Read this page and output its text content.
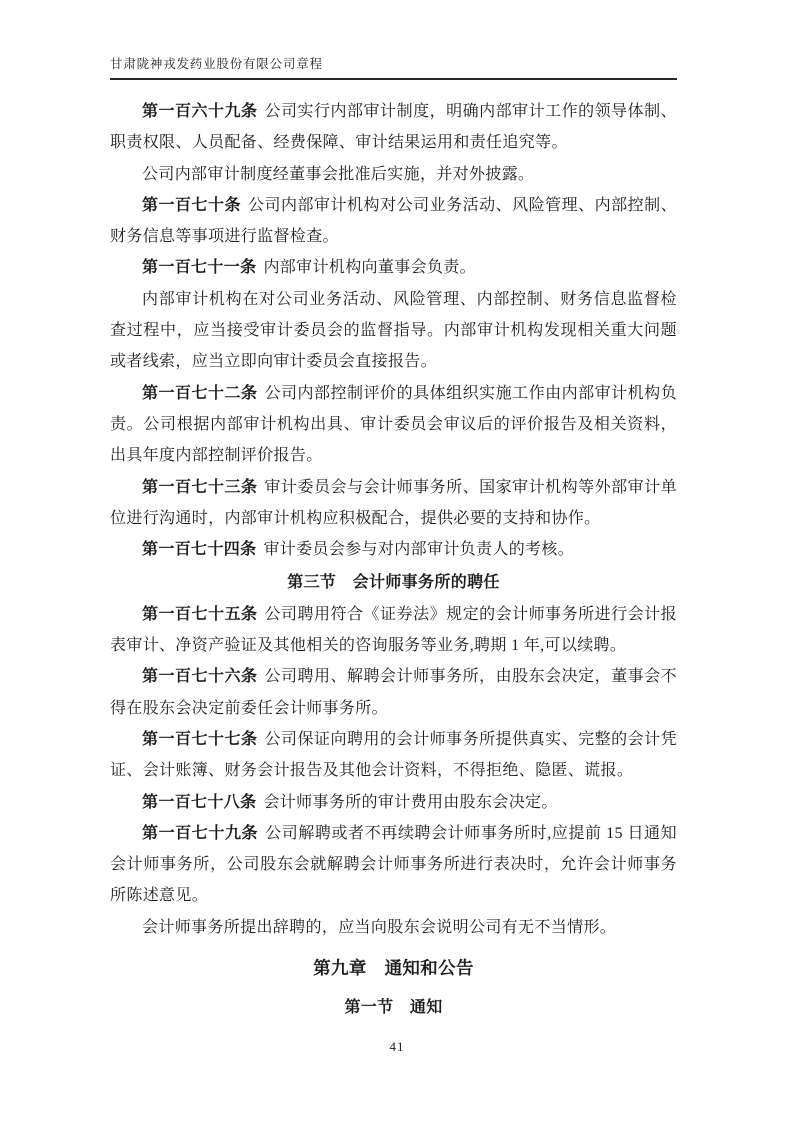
甘肃陇神戎发药业股份有限公司章程

第一百六十九条 公司实行内部审计制度，明确内部审计工作的领导体制、职责权限、人员配备、经费保障、审计结果运用和责任追究等。

公司内部审计制度经董事会批准后实施，并对外披露。

第一百七十条 公司内部审计机构对公司业务活动、风险管理、内部控制、财务信息等事项进行监督检查。

第一百七十一条 内部审计机构向董事会负责。

内部审计机构在对公司业务活动、风险管理、内部控制、财务信息监督检查过程中，应当接受审计委员会的监督指导。内部审计机构发现相关重大问题或者线索，应当立即向审计委员会直接报告。

第一百七十二条 公司内部控制评价的具体组织实施工作由内部审计机构负责。公司根据内部审计机构出具、审计委员会审议后的评价报告及相关资料，出具年度内部控制评价报告。

第一百七十三条 审计委员会与会计师事务所、国家审计机构等外部审计单位进行沟通时，内部审计机构应积极配合，提供必要的支持和协作。

第一百七十四条 审计委员会参与对内部审计负责人的考核。

第三节　会计师事务所的聘任

第一百七十五条 公司聘用符合《证券法》规定的会计师事务所进行会计报表审计、净资产验证及其他相关的咨询服务等业务,聘期 1 年,可以续聘。

第一百七十六条 公司聘用、解聘会计师事务所，由股东会决定，董事会不得在股东会决定前委任会计师事务所。

第一百七十七条 公司保证向聘用的会计师事务所提供真实、完整的会计凭证、会计账簿、财务会计报告及其他会计资料，不得拒绝、隐匿、谎报。

第一百七十八条 会计师事务所的审计费用由股东会决定。

第一百七十九条 公司解聘或者不再续聘会计师事务所时,应提前 15 日通知会计师事务所，公司股东会就解聘会计师事务所进行表决时，允许会计师事务所陈述意见。

会计师事务所提出辞聘的，应当向股东会说明公司有无不当情形。

第九章　通知和公告

第一节　通知

41
